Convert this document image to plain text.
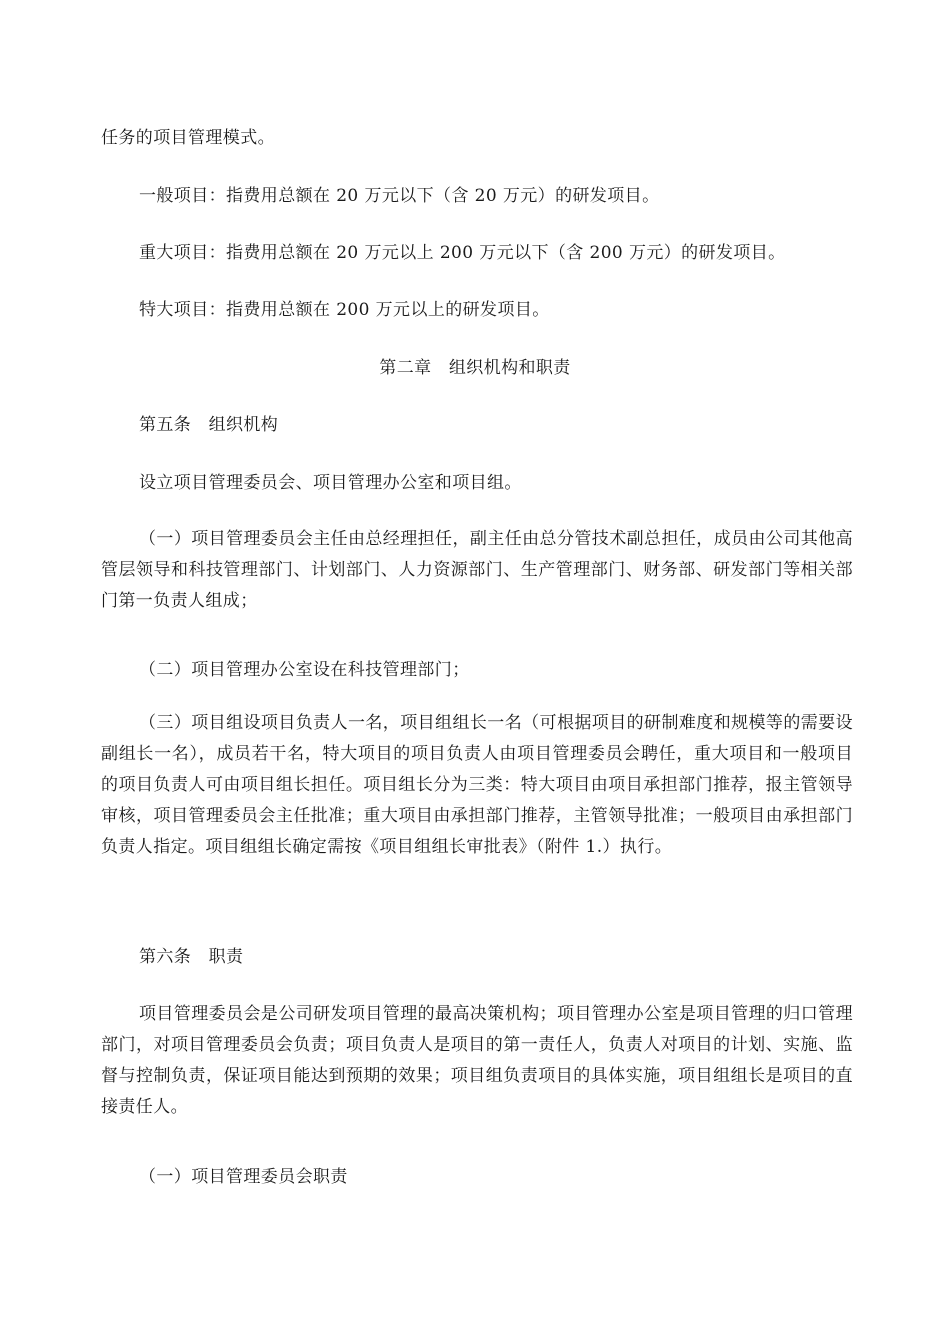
任务的项目管理模式。
一般项目：指费用总额在 20 万元以下（含 20 万元）的研发项目。
重大项目：指费用总额在 20 万元以上 200 万元以下（含 200 万元）的研发项目。
特大项目：指费用总额在 200 万元以上的研发项目。
第二章　组织机构和职责
第五条　组织机构
设立项目管理委员会、项目管理办公室和项目组。
（一）项目管理委员会主任由总经理担任，副主任由总分管技术副总担任，成员由公司其他高管层领导和科技管理部门、计划部门、人力资源部门、生产管理部门、财务部、研发部门等相关部门第一负责人组成；
（二）项目管理办公室设在科技管理部门；
（三）项目组设项目负责人一名，项目组组长一名（可根据项目的研制难度和规模等的需要设副组长一名），成员若干名，特大项目的项目负责人由项目管理委员会聘任，重大项目和一般项目的项目负责人可由项目组长担任。项目组长分为三类：特大项目由项目承担部门推荐，报主管领导审核，项目管理委员会主任批准；重大项目由承担部门推荐，主管领导批准；一般项目由承担部门负责人指定。项目组组长确定需按《项目组组长审批表》（附件 1.）执行。
第六条　职责
项目管理委员会是公司研发项目管理的最高决策机构；项目管理办公室是项目管理的归口管理部门，对项目管理委员会负责；项目负责人是项目的第一责任人，负责人对项目的计划、实施、监督与控制负责，保证项目能达到预期的效果；项目组负责项目的具体实施，项目组组长是项目的直接责任人。
（一）项目管理委员会职责
